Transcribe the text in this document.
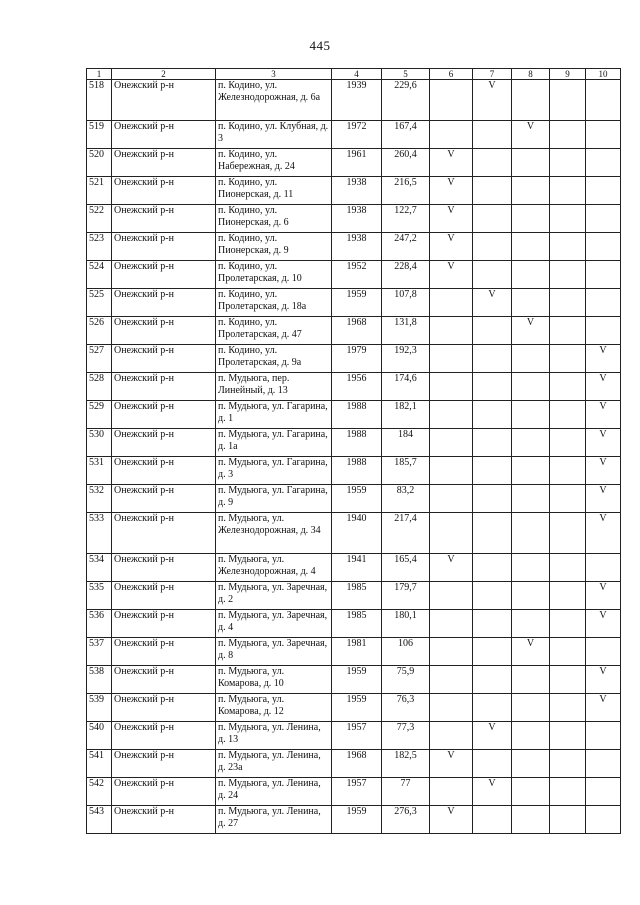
445
1	2	3	4	5	6	7	8	9	10
518	Онежский р-н	п. Кодино, ул. Железнодорожная, д. 6а	1939	229,6		V			
519	Онежский р-н	п. Кодино, ул. Клубная, д. 3	1972	167,4			V		
520	Онежский р-н	п. Кодино, ул. Набережная, д. 24	1961	260,4	V				
521	Онежский р-н	п. Кодино, ул. Пионерская, д. 11	1938	216,5	V				
522	Онежский р-н	п. Кодино, ул. Пионерская, д. 6	1938	122,7	V				
523	Онежский р-н	п. Кодино, ул. Пионерская, д. 9	1938	247,2	V				
524	Онежский р-н	п. Кодино, ул. Пролетарская, д. 10	1952	228,4	V				
525	Онежский р-н	п. Кодино, ул. Пролетарская, д. 18а	1959	107,8		V			
526	Онежский р-н	п. Кодино, ул. Пролетарская, д. 47	1968	131,8			V		
527	Онежский р-н	п. Кодино, ул. Пролетарская, д. 9а	1979	192,3					V
528	Онежский р-н	п. Мудьюга, пер. Линейный, д. 13	1956	174,6					V
529	Онежский р-н	п. Мудьюга, ул. Гагарина, д. 1	1988	182,1					V
530	Онежский р-н	п. Мудьюга, ул. Гагарина, д. 1а	1988	184					V
531	Онежский р-н	п. Мудьюга, ул. Гагарина, д. 3	1988	185,7					V
532	Онежский р-н	п. Мудьюга, ул. Гагарина, д. 9	1959	83,2					V
533	Онежский р-н	п. Мудьюга, ул. Железнодорожная, д. 34	1940	217,4					V
534	Онежский р-н	п. Мудьюга, ул. Железнодорожная, д. 4	1941	165,4	V				
535	Онежский р-н	п. Мудьюга, ул. Заречная, д. 2	1985	179,7					V
536	Онежский р-н	п. Мудьюга, ул. Заречная, д. 4	1985	180,1					V
537	Онежский р-н	п. Мудьюга, ул. Заречная, д. 8	1981	106			V		
538	Онежский р-н	п. Мудьюга, ул. Комарова, д. 10	1959	75,9					V
539	Онежский р-н	п. Мудьюга, ул. Комарова, д. 12	1959	76,3					V
540	Онежский р-н	п. Мудьюга, ул. Ленина, д. 13	1957	77,3		V			
541	Онежский р-н	п. Мудьюга, ул. Ленина, д. 23а	1968	182,5	V				
542	Онежский р-н	п. Мудьюга, ул. Ленина, д. 24	1957	77		V			
543	Онежский р-н	п. Мудьюга, ул. Ленина, д. 27	1959	276,3	V				
